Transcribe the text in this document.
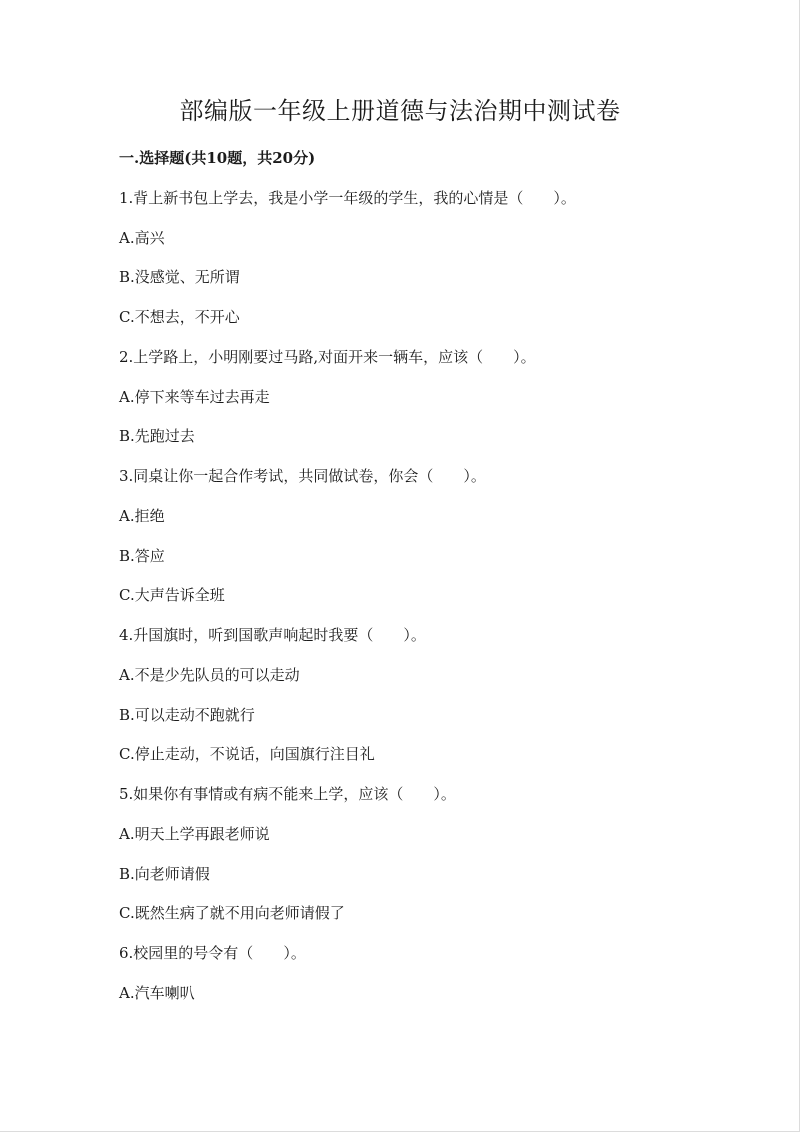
部编版一年级上册道德与法治期中测试卷

一.选择题(共10题，共20分)

1.背上新书包上学去，我是小学一年级的学生，我的心情是（　　）。

A.高兴

B.没感觉、无所谓

C.不想去，不开心

2.上学路上，小明刚要过马路,对面开来一辆车，应该（　　）。

A.停下来等车过去再走

B.先跑过去

3.同桌让你一起合作考试，共同做试卷，你会（　　）。

A.拒绝

B.答应

C.大声告诉全班

4.升国旗时，听到国歌声响起时我要（　　）。

A.不是少先队员的可以走动

B.可以走动不跑就行

C.停止走动，不说话，向国旗行注目礼

5.如果你有事情或有病不能来上学，应该（　　）。

A.明天上学再跟老师说

B.向老师请假

C.既然生病了就不用向老师请假了

6.校园里的号令有（　　）。

A.汽车喇叭
